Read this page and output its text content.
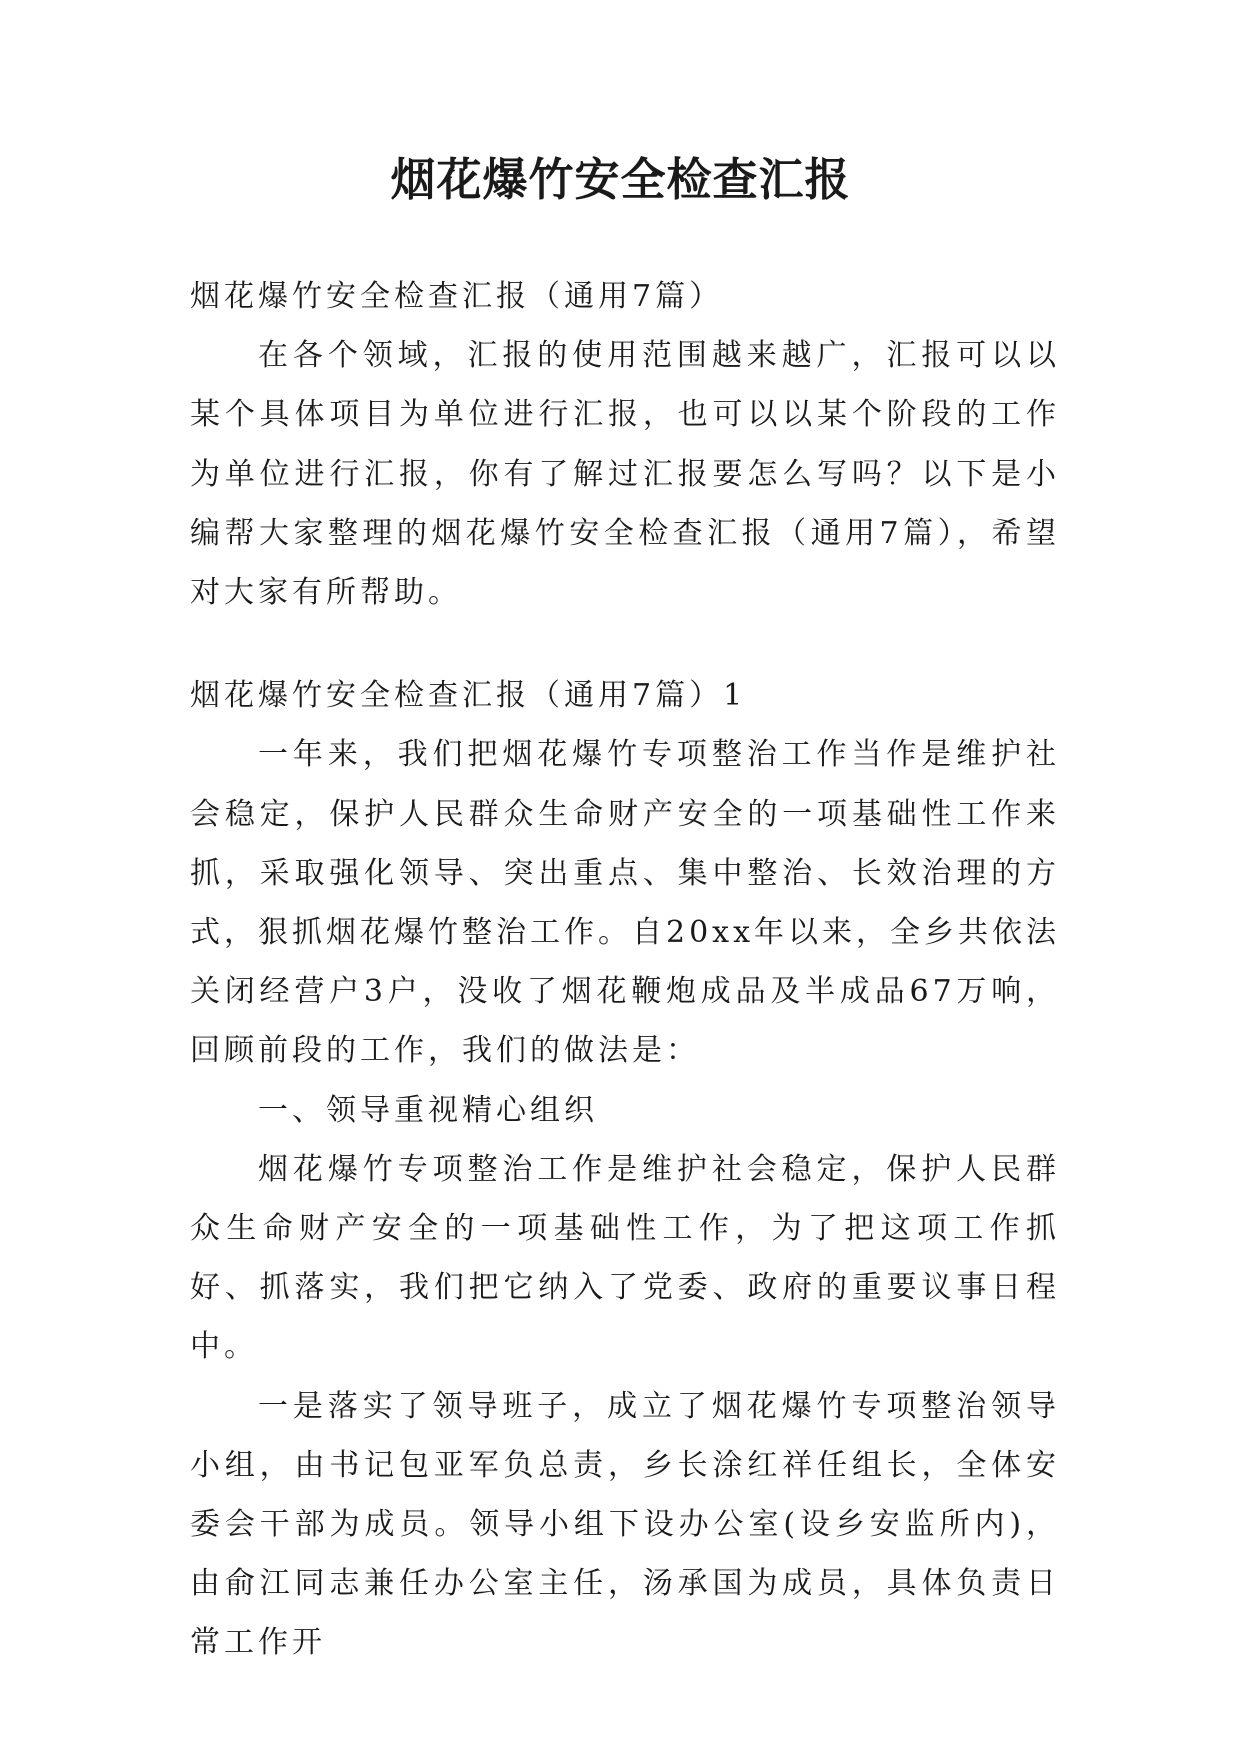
烟花爆竹安全检查汇报

烟花爆竹安全检查汇报（通用7篇）

在各个领域，汇报的使用范围越来越广，汇报可以以某个具体项目为单位进行汇报，也可以以某个阶段的工作为单位进行汇报，你有了解过汇报要怎么写吗？以下是小编帮大家整理的烟花爆竹安全检查汇报（通用7篇），希望对大家有所帮助。

烟花爆竹安全检查汇报（通用7篇）1

一年来，我们把烟花爆竹专项整治工作当作是维护社会稳定，保护人民群众生命财产安全的一项基础性工作来抓，采取强化领导、突出重点、集中整治、长效治理的方式，狠抓烟花爆竹整治工作。自20xx年以来，全乡共依法关闭经营户3户，没收了烟花鞭炮成品及半成品67万响，回顾前段的工作，我们的做法是：

一、领导重视精心组织

烟花爆竹专项整治工作是维护社会稳定，保护人民群众生命财产安全的一项基础性工作，为了把这项工作抓好、抓落实，我们把它纳入了党委、政府的重要议事日程中。

一是落实了领导班子，成立了烟花爆竹专项整治领导小组，由书记包亚军负总责，乡长涂红祥任组长，全体安委会干部为成员。领导小组下设办公室(设乡安监所内)，由俞江同志兼任办公室主任，汤承国为成员，具体负责日常工作开
